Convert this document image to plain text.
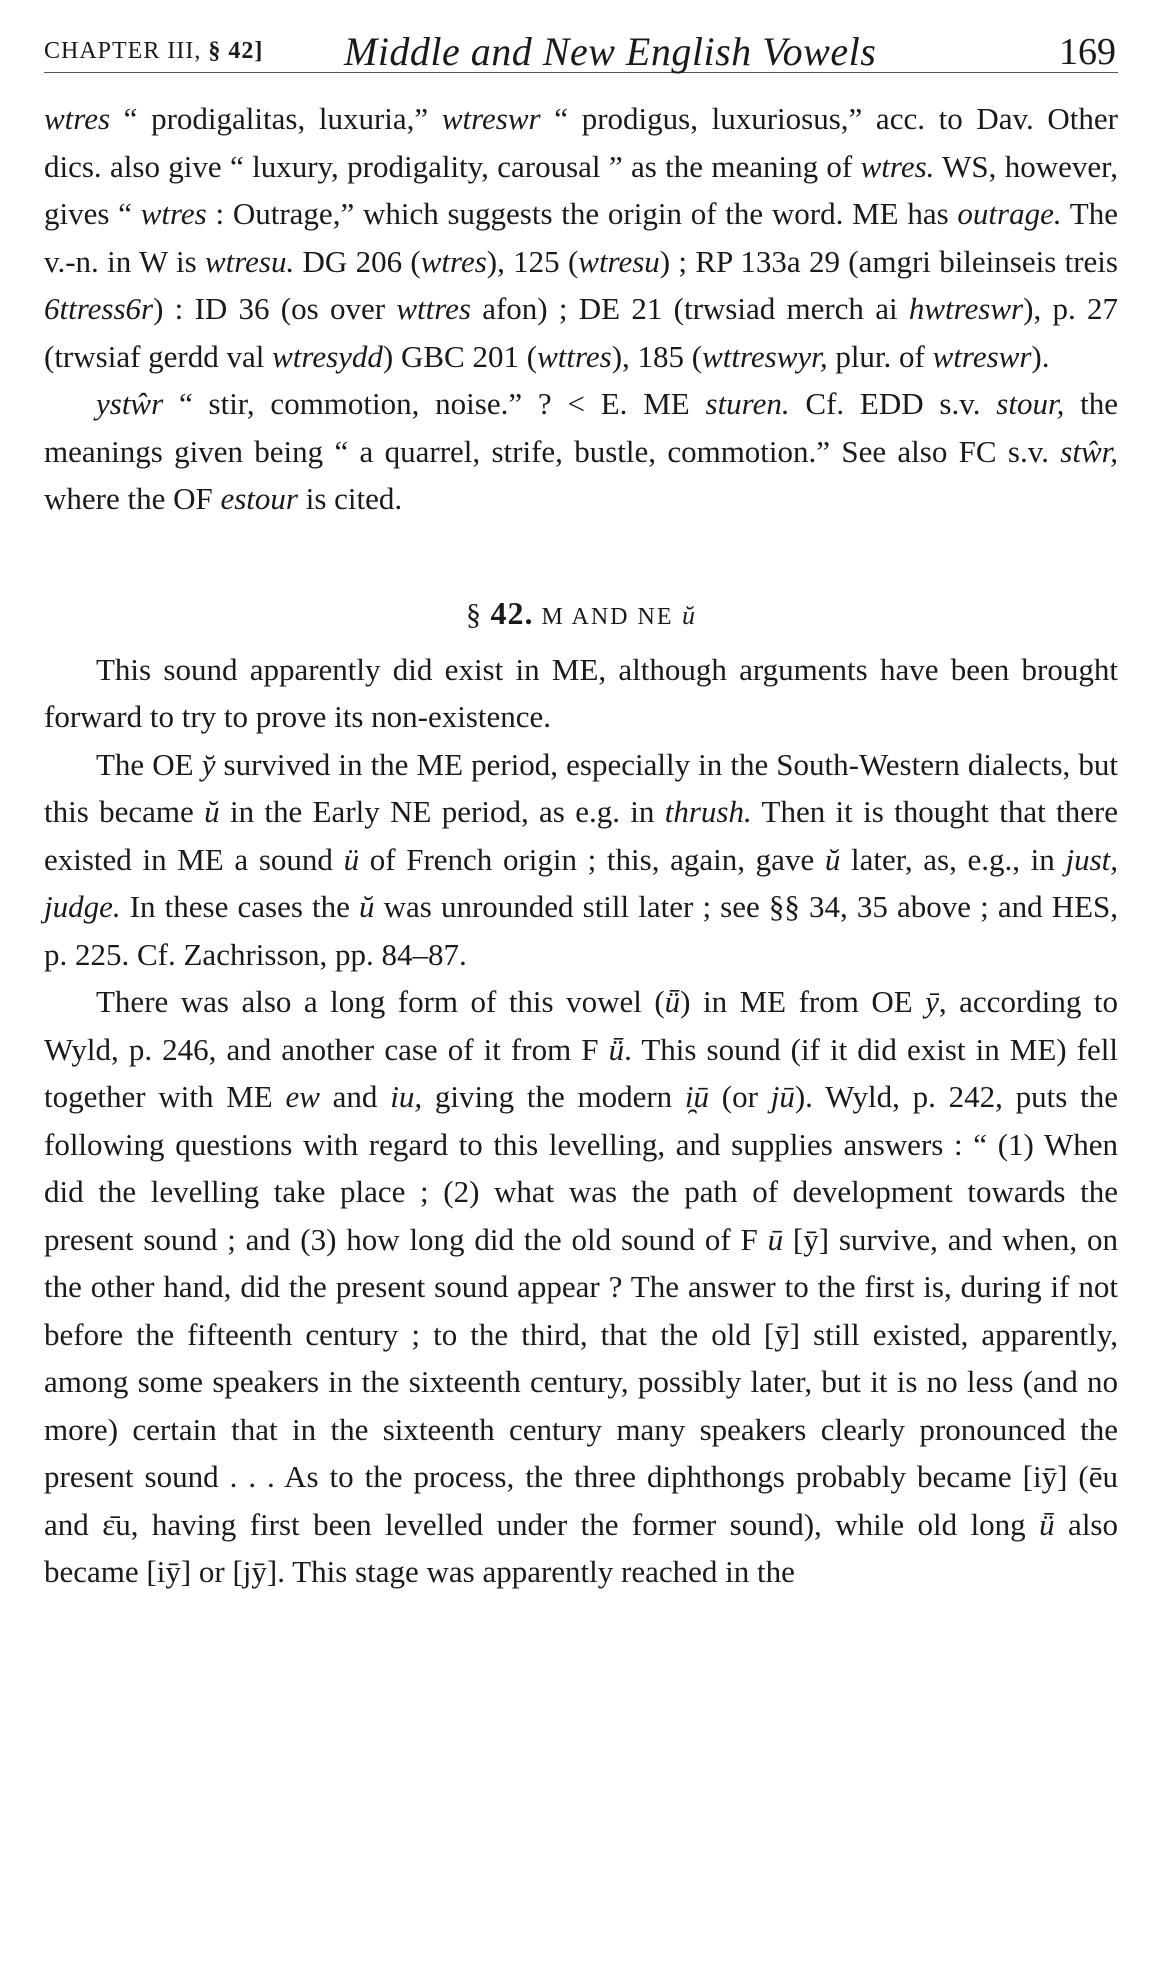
CHAPTER III, § 42] Middle and New English Vowels	169

wtres “ prodigalitas, luxuria,” wtreswr “ prodigus, luxuriosus,” acc. to Dav. Other dics. also give “ luxury, prodigality, carousal ” as the meaning of wtres. WS, however, gives “ wtres : Outrage,” which suggests the origin of the word. ME has outrage. The v.-n. in W is wtresu. DG 206 (wtres), 125 (wtresu) ; RP 133a 29 (amgri bileinseis treis 6ttress6r) : ID 36 (os over wttres afon) ; DE 21 (trwsiad merch ai hwtreswr), p. 27 (trwsiaf gerdd val wtresydd) GBC 201 (wttres), 185 (wttreswyr, plur. of wtreswr).

ystŵr “ stir, commotion, noise.” ? < E. ME sturen. Cf. EDD s.v. stour, the meanings given being “ a quarrel, strife, bustle, commotion.” See also FC s.v. stŵr, where the OF estour is cited.

§ 42. M AND NE ŭ

This sound apparently did exist in ME, although arguments have been brought forward to try to prove its non-existence.

The OE y̆ survived in the ME period, especially in the South-Western dialects, but this became ŭ in the Early NE period, as e.g. in thrush. Then it is thought that there existed in ME a sound ü of French origin ; this, again, gave ŭ later, as, e.g., in just, judge. In these cases the ŭ was unrounded still later ; see §§ 34, 35 above ; and HES, p. 225. Cf. Zachrisson, pp. 84–87.

There was also a long form of this vowel (ǖ) in ME from OE ȳ, according to Wyld, p. 246, and another case of it from F ǖ. This sound (if it did exist in ME) fell together with ME ew and iu, giving the modern i̯ū (or jū). Wyld, p. 242, puts the following questions with regard to this levelling, and supplies answers : “ (1) When did the levelling take place ; (2) what was the path of development towards the present sound ; and (3) how long did the old sound of F ū [ȳ] survive, and when, on the other hand, did the present sound appear ? The answer to the first is, during if not before the fifteenth century ; to the third, that the old [ȳ] still existed, apparently, among some speakers in the sixteenth century, possibly later, but it is no less (and no more) certain that in the sixteenth century many speakers clearly pronounced the present sound . . . As to the process, the three diphthongs probably became [iȳ] (ēu and ɛ̄u, having first been levelled under the former sound), while old long ǖ also became [iȳ] or [jȳ]. This stage was apparently reached in the
